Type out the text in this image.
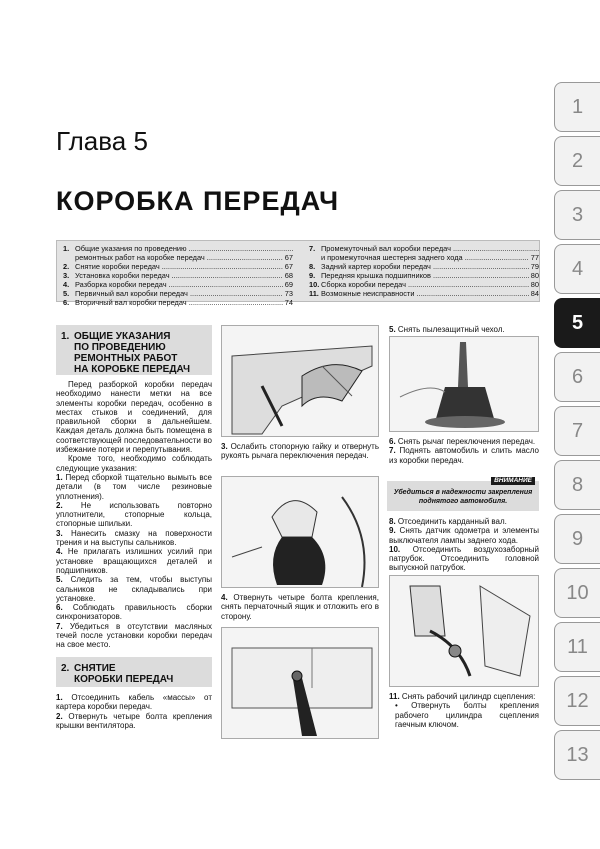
1
2
3
4
5
6
7
8
9
10
11
12
13
Глава 5
КОРОБКА ПЕРЕДАЧ
1. Общие указания по проведению .....
ремонтных работ на коробке передач .....	67
2. Снятие коробки передач .....	67
3. Установка коробки передач .....	68
4. Разборка коробки передач .....	69
5. Первичный вал коробки передач .....	73
6. Вторичный вал коробки передач .....	74
7. Промежуточный вал коробки передач .....
и промежуточная шестерня заднего хода .....	77
8. Задний картер коробки передач .....	79
9. Передняя крышка подшипников .....	80
10. Сборка коробки передач .....	80
11. Возможные неисправности .....	84
1. ОБЩИЕ УКАЗАНИЯ
ПО ПРОВЕДЕНИЮ
РЕМОНТНЫХ РАБОТ
НА КОРОБКЕ ПЕРЕДАЧ

Перед разборкой коробки передач необходимо нанести метки на все элементы коробки передач, особенно в местах стыков и соединений, для правильной сборки в дальнейшем. Каждая деталь должна быть помещена в соответствующей последовательности во избежание потери и перепутывания.

Кроме того, необходимо соблюдать следующие указания:

1. Перед сборкой тщательно вымыть все детали (в том числе резиновые уплотнения).

2. Не использовать повторно уплотнители, стопорные кольца, стопорные шпильки.

3. Нанесить смазку на поверхности трения и на выступы сальников.

4. Не прилагать излишних усилий при установке вращающихся деталей и подшипников.

5. Следить за тем, чтобы выступы сальников не складывались при установке.

6. Соблюдать правильность сборки синхронизаторов.

7. Убедиться в отсутствии масляных течей после установки коробки передач на свое место.

2. СНЯТИЕ
КОРОБКИ ПЕРЕДАЧ

1. Отсоединить кабель «массы» от картера коробки передач.

2. Отвернуть четыре болта крепления крышки вентилятора.

3. Ослабить стопорную гайку и отвернуть рукоять рычага переключения передач.

4. Отвернуть четыре болта крепления, снять перчаточный ящик и отложить его в сторону.

5. Снять пылезащитный чехол.

6. Снять рычаг переключения передач.

7. Поднять автомобиль и слить масло из коробки передач.

ВНИМАНИЕ
Убедиться в надежности закрепления поднятого автомобиля.

8. Отсоединить карданный вал.

9. Снять датчик одометра и элементы выключателя лампы заднего хода.

10. Отсоединить воздухозаборный патрубок. Отсоединить головной выпускной патрубок.

11. Снять рабочий цилиндр сцепления:

• Отвернуть болты крепления рабочего цилиндра сцепления гаечным ключом.
